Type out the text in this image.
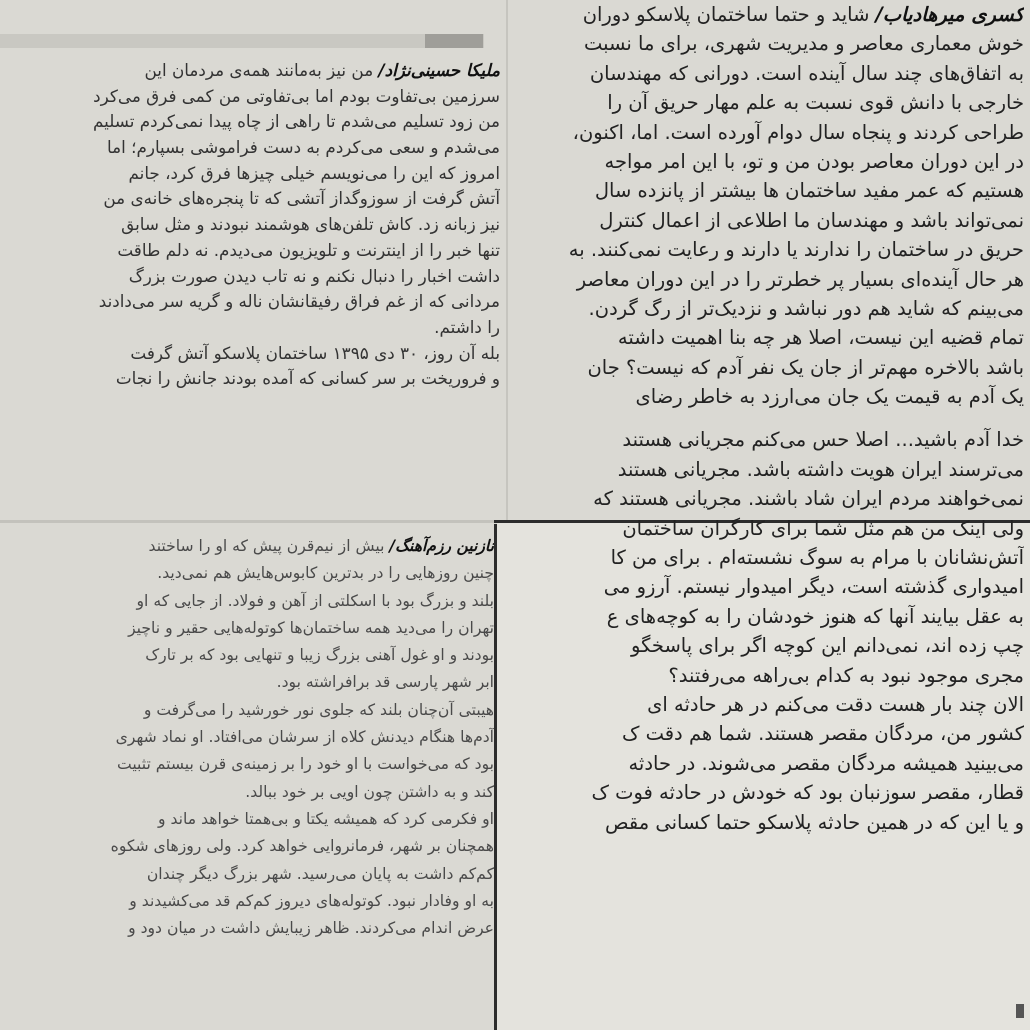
کسری میرهادیاب/ شاید و حتما ساختمان پلاسکو دوران
خوش معماری معاصر و مدیریت شهری، برای ما نسبت
به اتفاق‌های چند سال آینده است. دورانی که مهندسان
خارجی با دانش قوی نسبت به علم مهار حریق آن را
طراحی کردند و پنجاه سال دوام آورده است. اما، اکنون،
در این دوران معاصر بودن من و تو، با این امر مواجه
هستیم که عمر مفید ساختمان ها بیشتر از پانزده سال
نمی‌تواند باشد و مهندسان ما اطلاعی از اعمال کنترل
حریق در ساختمان را ندارند یا دارند و رعایت نمی‌کنند. به
هر حال آینده‌ای بسیار پر خطرتر را در این دوران معاصر
می‌بینم که شاید هم دور نباشد و نزدیک‌تر از رگ گردن.
تمام قضیه این نیست، اصلا هر چه بنا اهمیت داشته
باشد بالاخره مهم‌تر از جان یک نفر آدم که نیست؟ جان
یک آدم به قیمت یک جان می‌ارزد به خاطر رضای
خدا آدم باشید... اصلا حس می‌کنم مجریانی هستند
می‌ترسند ایران هویت داشته باشد. مجریانی هستند
نمی‌خواهند مردم ایران شاد باشند. مجریانی هستند که
ولی اینک من هم مثل شما برای کارگران ساختمان
آتش‌نشانان با مرام به سوگ نشسته‌ام . برای من کا
امیدواری گذشته است، دیگر امیدوار نیستم. آرزو می‌
به عقل بیایند آنها که هنوز خودشان را به کوچه‌های ع
چپ زده اند، نمی‌دانم این کوچه اگر برای پاسخگو
مجری موجود نبود به کدام بی‌راهه می‌رفتند؟
الان چند بار هست دقت می‌کنم در هر حادثه ای
کشور من، مردگان مقصر هستند. شما هم دقت ک
می‌بینید همیشه مردگان مقصر می‌شوند. در حادثه
قطار، مقصر سوزنبان بود که خودش در حادثه فوت ک
و یا این که در همین حادثه پلاسکو حتما کسانی مقص
ملیکا حسینی‌نژاد/ من نیز به‌مانند همه‌ی مردمان این
سرزمین بی‌تفاوت بودم اما بی‌تفاوتی من کمی فرق می‌کرد
من زود تسلیم می‌شدم تا راهی از چاه پیدا نمی‌کردم تسلیم
می‌شدم و سعی می‌کردم به دست فراموشی بسپارم؛ اما
امروز که این را می‌نویسم خیلی چیزها فرق کرد، جانم
آتش گرفت از سوزوگداز آتشی که تا پنجره‌های خانه‌ی من
نیز زبانه زد. کاش تلفن‌های هوشمند نبودند و مثل سابق
تنها خبر را از اینترنت و تلویزیون می‌دیدم. نه دلم طاقت
داشت اخبار را دنبال نکنم و نه تاب دیدن صورت بزرگ
مردانی که از غم فراق رفیقانشان ناله و گریه سر می‌دادند
را داشتم.
بله آن روز، ۳۰ دی ۱۳۹۵ ساختمان پلاسکو آتش گرفت
و فروریخت بر سر کسانی که آمده بودند جانش را نجات
نازنین رزم‌آهنگ/ بیش از نیم‌قرن پیش که او را ساختند
چنین روزهایی را در بدترین کابوس‌هایش هم نمی‌دید.
بلند و بزرگ بود با اسکلتی از آهن و فولاد. از جایی که او
تهران را می‌دید همه ساختمان‌ها کوتوله‌هایی حقیر و ناچیز
بودند و او غول آهنی بزرگ زیبا و تنهایی بود که بر تارک
ابر شهر پارسی قد برافراشته بود.
هیبتی آن‌چنان بلند که جلوی نور خورشید را می‌گرفت و
آدم‌ها هنگام دیدنش کلاه از سرشان می‌افتاد. او نماد شهری
بود که می‌خواست با او خود را بر زمینه‌ی قرن بیستم تثبیت
کند و به داشتن چون اویی بر خود ببالد.
او فکرمی کرد که همیشه یکتا و بی‌همتا خواهد ماند و
همچنان بر شهر، فرمانروایی خواهد کرد. ولی روزهای شکوه
کم‌کم داشت به پایان می‌رسید. شهر بزرگ دیگر چندان
به او وفادار نبود. کوتوله‌های دیروز کم‌کم قد می‌کشیدند و
عرض اندام می‌کردند. ظاهر زیبایش داشت در میان دود و
